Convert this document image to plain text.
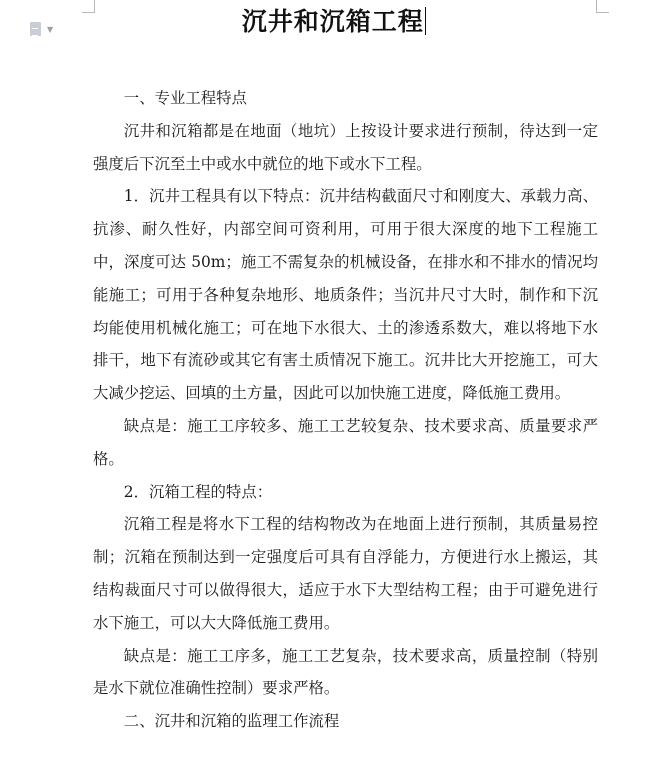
▼	沉井和沉箱工程

一、专业工程特点

沉井和沉箱都是在地面（地坑）上按设计要求进行预制，待达到一定强度后下沉至土中或水中就位的地下或水下工程。

1．沉井工程具有以下特点：沉井结构截面尺寸和刚度大、承载力高、抗渗、耐久性好，内部空间可资利用，可用于很大深度的地下工程施工中，深度可达 50m；施工不需复杂的机械设备，在排水和不排水的情况均能施工；可用于各种复杂地形、地质条件；当沉井尺寸大时，制作和下沉均能使用机械化施工；可在地下水很大、土的渗透系数大，难以将地下水排干，地下有流砂或其它有害土质情况下施工。沉井比大开挖施工，可大大减少挖运、回填的土方量，因此可以加快施工进度，降低施工费用。

缺点是：施工工序较多、施工工艺较复杂、技术要求高、质量要求严格。

2．沉箱工程的特点：

沉箱工程是将水下工程的结构物改为在地面上进行预制，其质量易控制；沉箱在预制达到一定强度后可具有自浮能力，方便进行水上搬运，其结构裁面尺寸可以做得很大，适应于水下大型结构工程；由于可避免进行水下施工，可以大大降低施工费用。

缺点是：施工工序多，施工工艺复杂，技术要求高，质量控制（特别是水下就位准确性控制）要求严格。

二、沉井和沉箱的监理工作流程
